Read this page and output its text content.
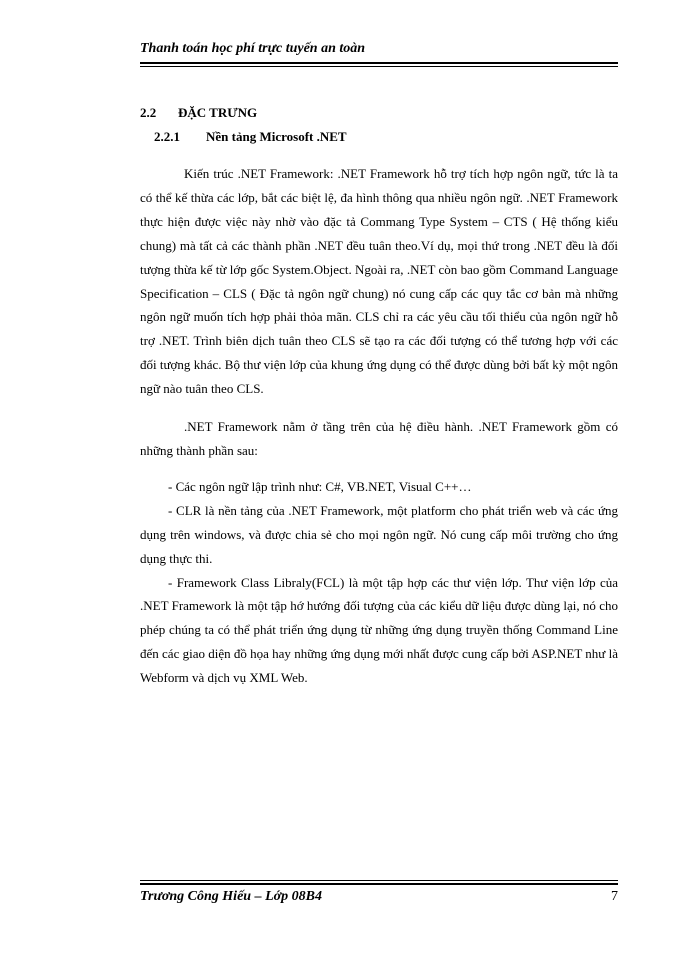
Thanh toán học phí trực tuyến an toàn

2.2 ĐẶC TRƯNG

2.2.1 Nền tảng Microsoft .NET

Kiến trúc .NET Framework: .NET Framework hỗ trợ tích hợp ngôn ngữ, tức là ta có thể kế thừa các lớp, bắt các biệt lệ, đa hình thông qua nhiều ngôn ngữ. .NET Framework thực hiện được việc này nhờ vào đặc tả Commang Type System – CTS ( Hệ thống kiểu chung) mà tất cả các thành phần .NET đều tuân theo.Ví dụ, mọi thứ trong .NET đều là đối tượng thừa kế từ lớp gốc System.Object. Ngoài ra, .NET còn bao gồm Command Language Specification – CLS ( Đặc tả ngôn ngữ chung) nó cung cấp các quy tắc cơ bản mà những ngôn ngữ muốn tích hợp phải thỏa mãn. CLS chỉ ra các yêu cầu tối thiểu của ngôn ngữ hỗ trợ .NET. Trình biên dịch tuân theo CLS sẽ tạo ra các đối tượng có thể tương hợp với các đối tượng khác. Bộ thư viện lớp của khung ứng dụng có thể được dùng bởi bất kỳ một ngôn ngữ nào tuân theo CLS.

.NET Framework nằm ở tầng trên của hệ điều hành. .NET Framework gồm có những thành phần sau:

- Các ngôn ngữ lập trình như: C#, VB.NET, Visual C++…

- CLR là nền tảng của .NET Framework, một platform cho phát triển web và các ứng dụng trên windows, và được chia sẻ cho mọi ngôn ngữ. Nó cung cấp môi trường cho ứng dụng thực thi.

- Framework Class Libraly(FCL) là một tập hợp các thư viện lớp. Thư viện lớp của .NET Framework là một tập hớ hướng đối tượng của các kiểu dữ liệu được dùng lại, nó cho phép chúng ta có thể phát triển ứng dụng từ những ứng dụng truyền thống Command Line đến các giao diện đồ họa hay những ứng dụng mới nhất được cung cấp bởi ASP.NET như là Webform và dịch vụ XML Web.

Trương Công Hiếu – Lớp 08B4	7
